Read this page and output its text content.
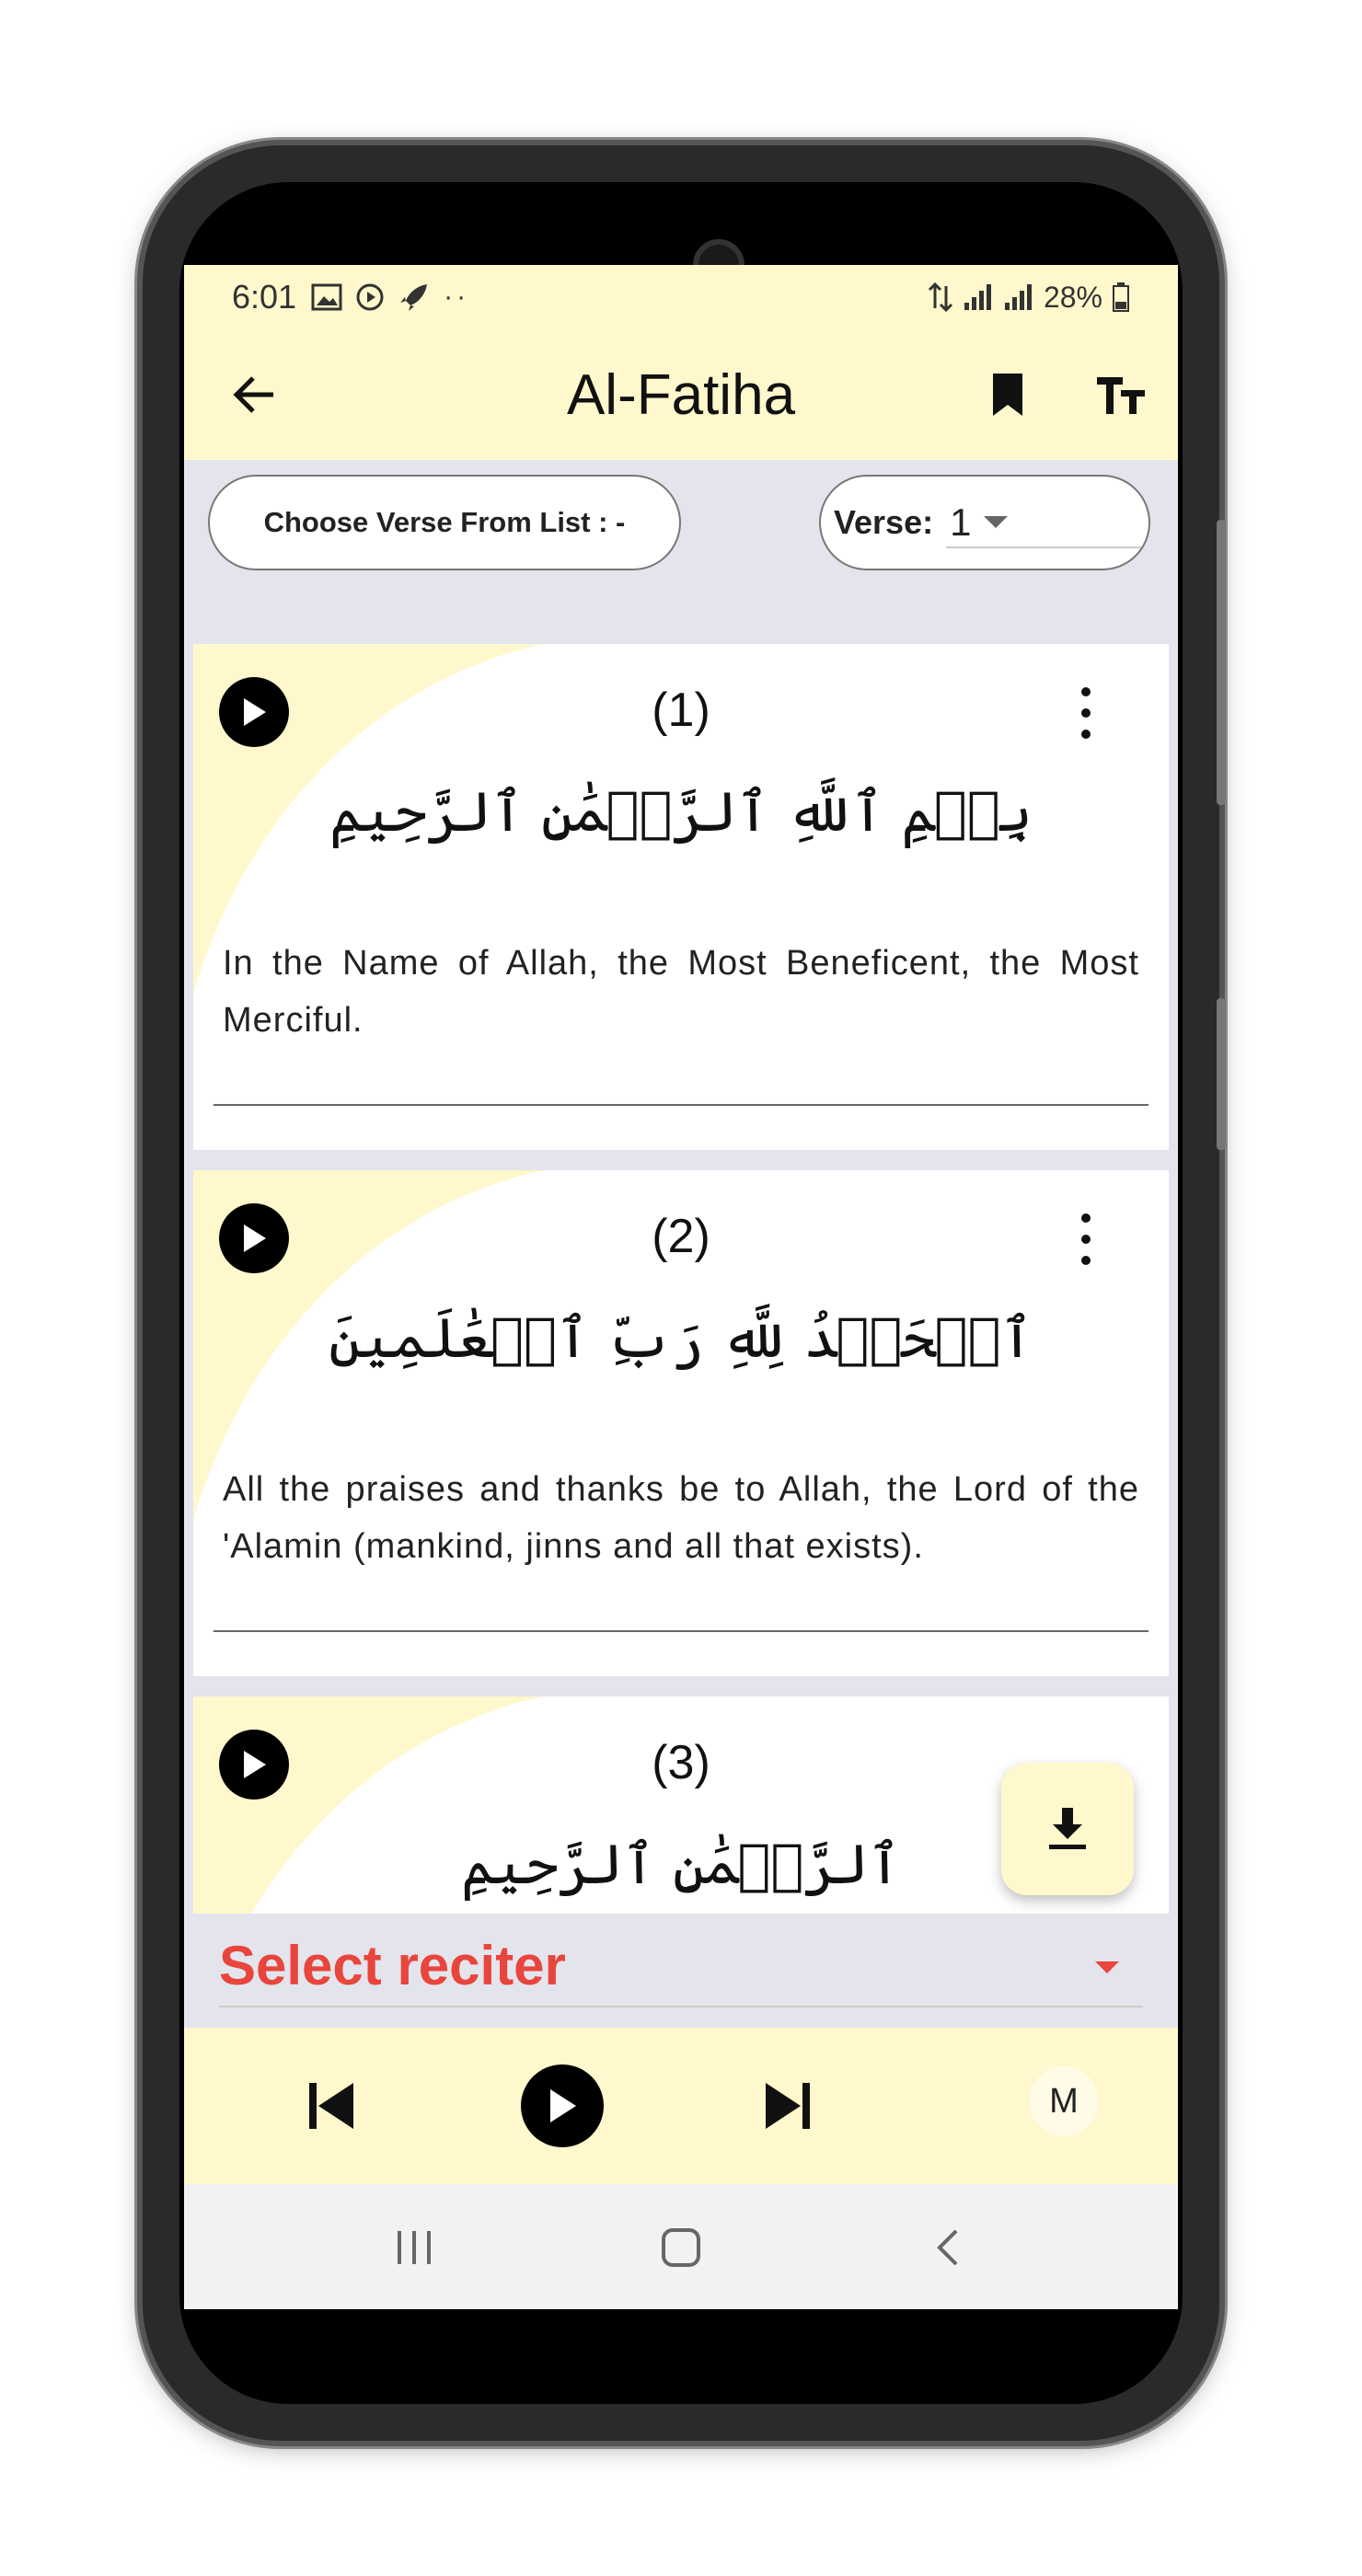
6:01	··	28%
Al-Fatiha
Choose Verse From List : -	Verse: 1
(1)
بِسۡمِ ٱللَّهِ ٱلرَّحۡمَٰنِ ٱلرَّحِيمِ
In the Name of Allah, the Most Beneficent, the Most Merciful.
(2)
ٱلۡحَمۡدُ لِلَّهِ رَبِّ ٱلۡعَٰلَمِينَ
All the praises and thanks be to Allah, the Lord of the 'Alamin (mankind, jinns and all that exists).
(3)
ٱلرَّحۡمَٰنِ ٱلرَّحِيمِ
Select reciter
M
